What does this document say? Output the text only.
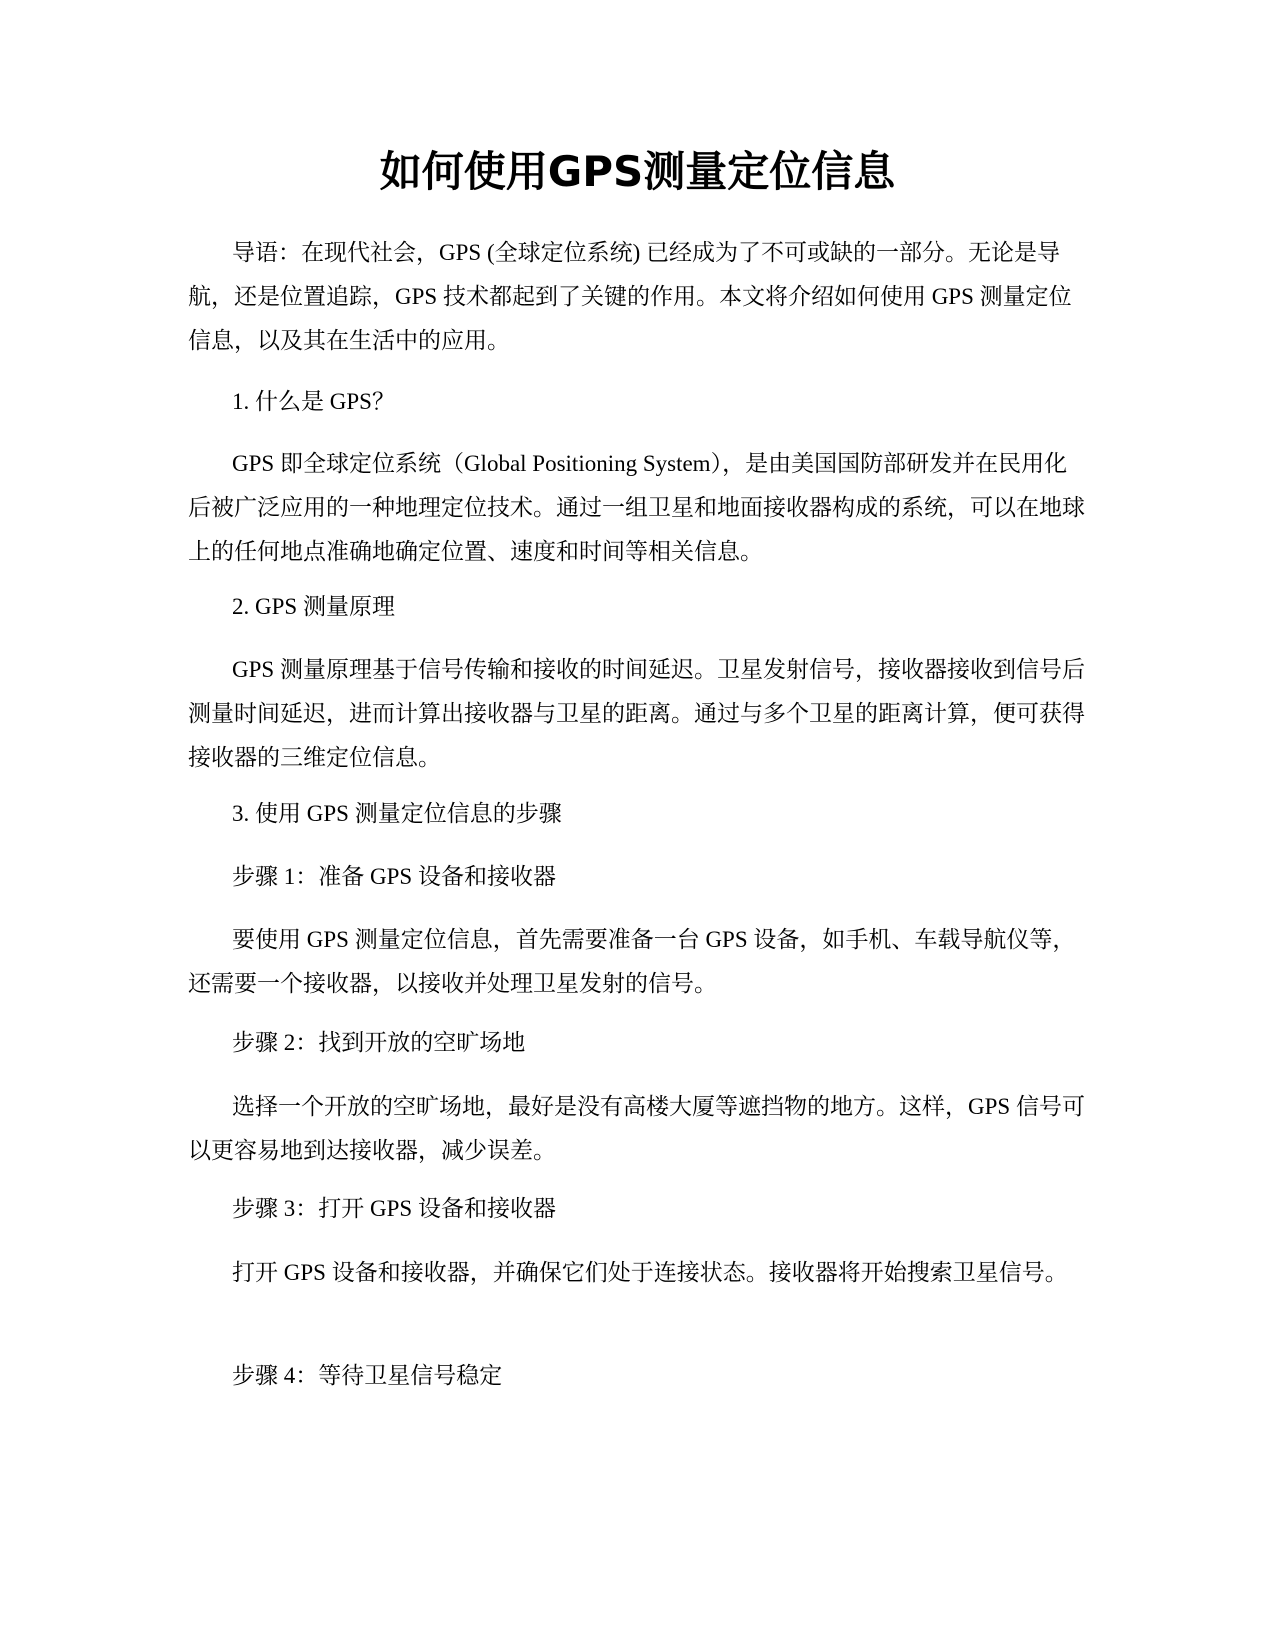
如何使用GPS测量定位信息

导语：在现代社会，GPS (全球定位系统) 已经成为了不可或缺的一部分。无论是导航，还是位置追踪，GPS 技术都起到了关键的作用。本文将介绍如何使用 GPS 测量定位信息，以及其在生活中的应用。

1. 什么是 GPS？

GPS 即全球定位系统（Global Positioning System），是由美国国防部研发并在民用化后被广泛应用的一种地理定位技术。通过一组卫星和地面接收器构成的系统，可以在地球上的任何地点准确地确定位置、速度和时间等相关信息。

2. GPS 测量原理

GPS 测量原理基于信号传输和接收的时间延迟。卫星发射信号，接收器接收到信号后测量时间延迟，进而计算出接收器与卫星的距离。通过与多个卫星的距离计算，便可获得接收器的三维定位信息。

3. 使用 GPS 测量定位信息的步骤

步骤 1：准备 GPS 设备和接收器

要使用 GPS 测量定位信息，首先需要准备一台 GPS 设备，如手机、车载导航仪等，还需要一个接收器，以接收并处理卫星发射的信号。

步骤 2：找到开放的空旷场地

选择一个开放的空旷场地，最好是没有高楼大厦等遮挡物的地方。这样，GPS 信号可以更容易地到达接收器，减少误差。

步骤 3：打开 GPS 设备和接收器

打开 GPS 设备和接收器，并确保它们处于连接状态。接收器将开始搜索卫星信号。

步骤 4：等待卫星信号稳定
